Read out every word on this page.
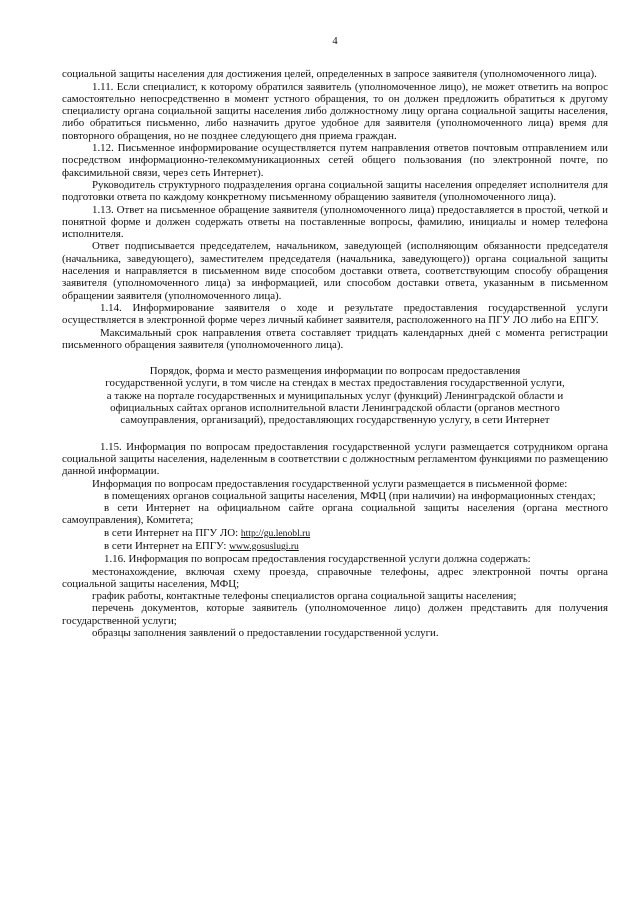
4

социальной защиты населения для достижения целей, определенных в запросе заявителя (уполномоченного лица).

1.11. Если специалист, к которому обратился заявитель (уполномоченное лицо), не может ответить на вопрос самостоятельно непосредственно в момент устного обращения, то он должен предложить обратиться к другому специалисту органа социальной защиты населения либо должностному лицу органа социальной защиты населения, либо обратиться письменно, либо назначить другое удобное для заявителя (уполномоченного лица) время для повторного обращения, но не позднее следующего дня приема граждан.

1.12. Письменное информирование осуществляется путем направления ответов почтовым отправлением или посредством информационно-телекоммуникационных сетей общего пользования (по электронной почте, по факсимильной связи, через сеть Интернет).

Руководитель структурного подразделения органа социальной защиты населения определяет исполнителя для подготовки ответа по каждому конкретному письменному обращению заявителя (уполномоченного лица).

1.13. Ответ на письменное обращение заявителя (уполномоченного лица) предоставляется в простой, четкой и понятной форме и должен содержать ответы на поставленные вопросы, фамилию, инициалы и номер телефона исполнителя.

Ответ подписывается председателем, начальником, заведующей (исполняющим обязанности председателя (начальника, заведующего), заместителем председателя (начальника, заведующего)) органа социальной защиты населения и направляется в письменном виде способом доставки ответа, соответствующим способу обращения заявителя (уполномоченного лица) за информацией, или способом доставки ответа, указанным в письменном обращении заявителя (уполномоченного лица).

1.14. Информирование заявителя о ходе и результате предоставления государственной услуги осуществляется в электронной форме через личный кабинет заявителя, расположенного на ПГУ ЛО либо на ЕПГУ.

Максимальный срок направления ответа составляет тридцать календарных дней с момента регистрации письменного обращения заявителя (уполномоченного лица).

Порядок, форма и место размещения информации по вопросам предоставления

государственной услуги, в том числе на стендах в местах предоставления государственной услуги,

а также на портале государственных и муниципальных услуг (функций) Ленинградской области и

официальных сайтах органов исполнительной власти Ленинградской области (органов местного

самоуправления, организаций), предоставляющих государственную услугу, в сети Интернет

1.15. Информация по вопросам предоставления государственной услуги размещается сотрудником органа социальной защиты населения, наделенным в соответствии с должностным регламентом функциями по размещению данной информации.

Информация по вопросам предоставления государственной услуги размещается в письменной форме:

в помещениях органов социальной защиты населения, МФЦ (при наличии) на информационных стендах;

в сети Интернет на официальном сайте органа социальной защиты населения (органа местного самоуправления), Комитета;

в сети Интернет на ПГУ ЛО: http://gu.lenobl.ru

в сети Интернет на ЕПГУ: www.gosuslugi.ru

1.16. Информация по вопросам предоставления государственной услуги должна содержать:

местонахождение, включая схему проезда, справочные телефоны, адрес электронной почты органа социальной защиты населения, МФЦ;

график работы, контактные телефоны специалистов органа социальной защиты населения;

перечень документов, которые заявитель (уполномоченное лицо) должен представить для получения государственной услуги;

образцы заполнения заявлений о предоставлении государственной услуги.
